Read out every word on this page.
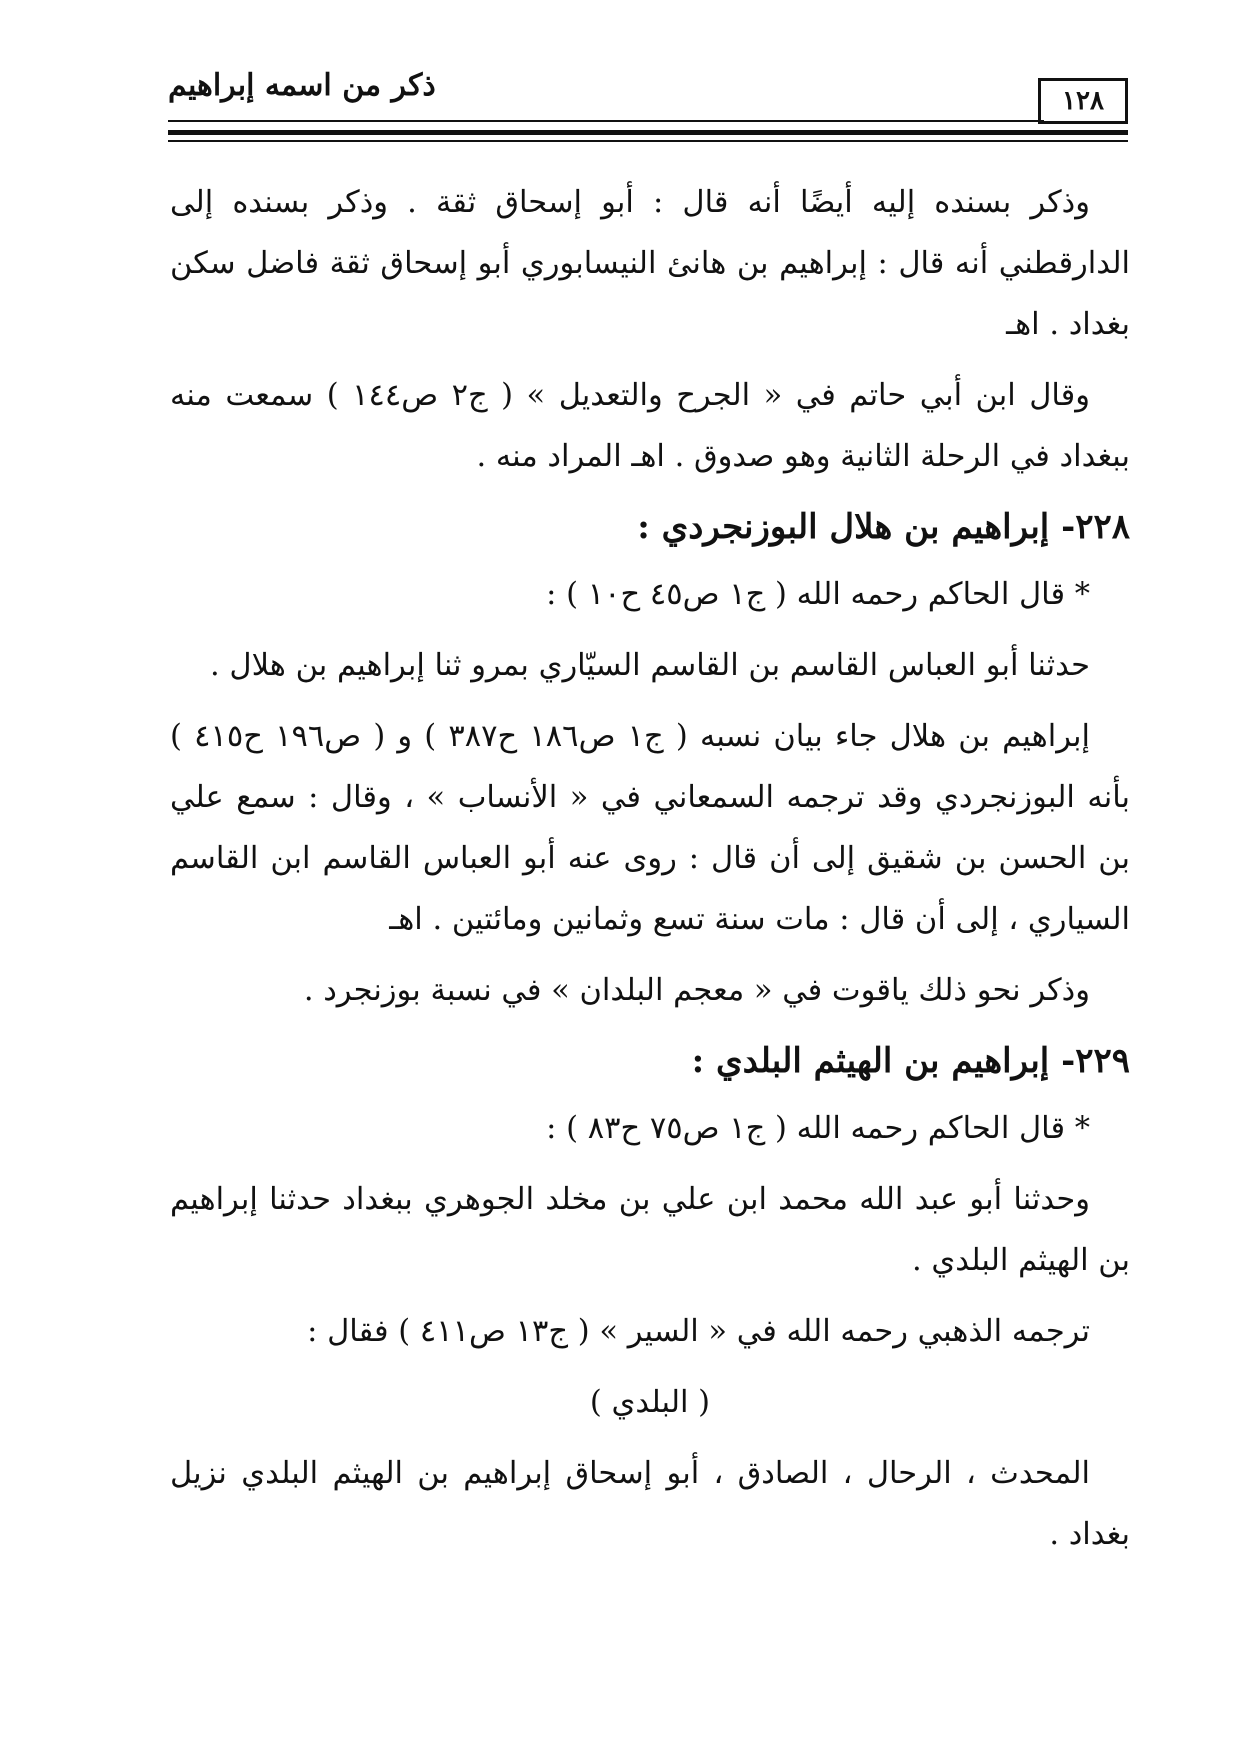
ذكر من اسمه إبراهيم	١٢٨

وذكر بسنده إليه أيضًا أنه قال : أبو إسحاق ثقة . وذكر بسنده إلى الدارقطني أنه قال : إبراهيم بن هانئ النيسابوري أبو إسحاق ثقة فاضل سكن بغداد . اهـ

وقال ابن أبي حاتم في « الجرح والتعديل » ( ج٢ ص١٤٤ ) سمعت منه ببغداد في الرحلة الثانية وهو صدوق . اهـ المراد منه .

٢٢٨- إبراهيم بن هلال البوزنجردي :

* قال الحاكم رحمه الله ( ج١ ص٤٥ ح١٠ ) :

حدثنا أبو العباس القاسم بن القاسم السيّاري بمرو ثنا إبراهيم بن هلال .

إبراهيم بن هلال جاء بيان نسبه ( ج١ ص١٨٦ ح٣٨٧ ) و ( ص١٩٦ ح٤١٥ ) بأنه البوزنجردي وقد ترجمه السمعاني في « الأنساب » ، وقال : سمع علي بن الحسن بن شقيق إلى أن قال : روى عنه أبو العباس القاسم ابن القاسم السياري ، إلى أن قال : مات سنة تسع وثمانين ومائتين . اهـ

وذكر نحو ذلك ياقوت في « معجم البلدان » في نسبة بوزنجرد .

٢٢٩- إبراهيم بن الهيثم البلدي :

* قال الحاكم رحمه الله ( ج١ ص٧٥ ح٨٣ ) :

وحدثنا أبو عبد الله محمد ابن علي بن مخلد الجوهري ببغداد حدثنا إبراهيم بن الهيثم البلدي .

ترجمه الذهبي رحمه الله في « السير » ( ج١٣ ص٤١١ ) فقال :

( البلدي )

المحدث ، الرحال ، الصادق ، أبو إسحاق إبراهيم بن الهيثم البلدي نزيل بغداد .
